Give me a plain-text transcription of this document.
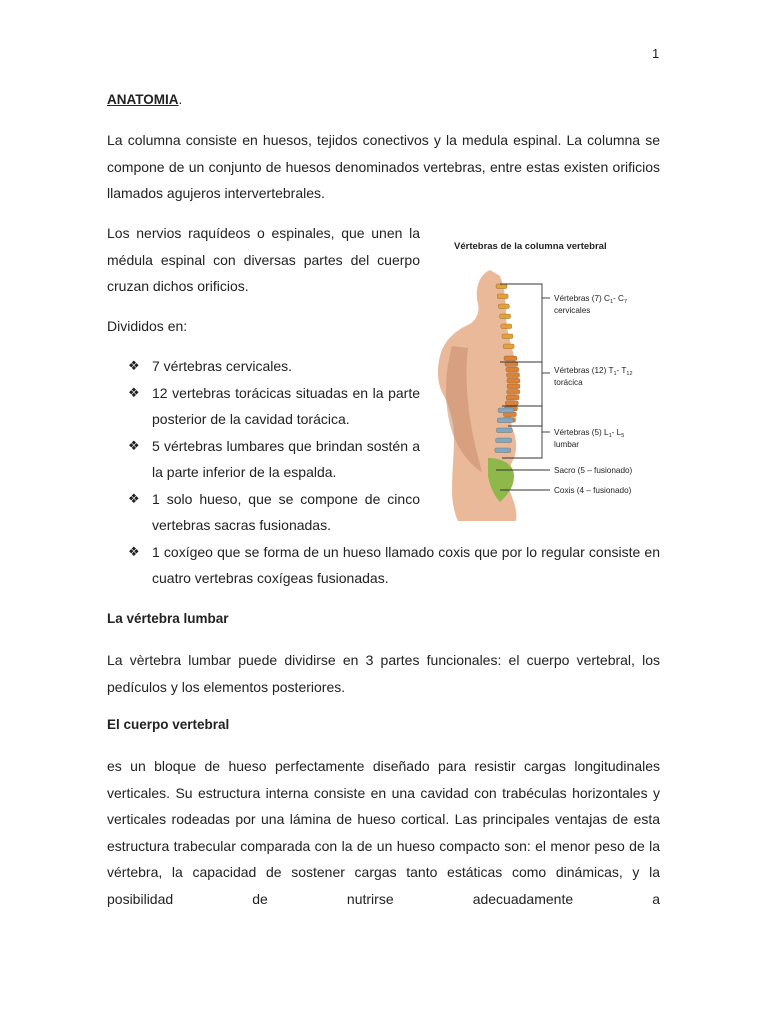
1
ANATOMIA.

La columna consiste en huesos, tejidos conectivos y la medula espinal. La columna se compone de un conjunto de huesos denominados vertebras, entre estas existen orificios llamados agujeros intervertebrales.

Los nervios raquídeos o espinales, que unen la médula espinal con diversas partes del cuerpo cruzan dichos orificios.

Divididos en:

❖ 7 vértebras cervicales.
❖ 12 vertebras torácicas situadas en la parte posterior de la cavidad torácica.
❖ 5 vértebras lumbares que brindan sostén a la parte inferior de la espalda.
❖ 1 solo hueso, que se compone de cinco vertebras sacras fusionadas.
❖ 1 coxígeo que se forma de un hueso llamado coxis que por lo regular consiste en cuatro vertebras coxígeas fusionadas.
Vértebras de la columna vertebral
Vértebras (7) $C_1-$ $C_7$
cervicales
Vértebras (12) $T_1-$ $T_{12}$
torácica
Vértebras (5) $L_1-$ $L_5$
lumbar
Sacro (5 – fusionado)
Coxis (4 – fusionado)
La vértebra lumbar

La vèrtebra lumbar puede dividirse en 3 partes funcionales: el cuerpo vertebral, los pedículos y los elementos posteriores.

El cuerpo vertebral

es un bloque de hueso perfectamente diseñado para resistir cargas longitudinales verticales. Su estructura interna consiste en una cavidad con trabéculas horizontales y verticales rodeadas por una lámina de hueso cortical. Las principales ventajas de esta estructura trabecular comparada con la de un hueso compacto son: el menor peso de la vértebra, la capacidad de sostener cargas tanto estáticas como dinámicas, y la posibilidad de nutrirse adecuadamente a
